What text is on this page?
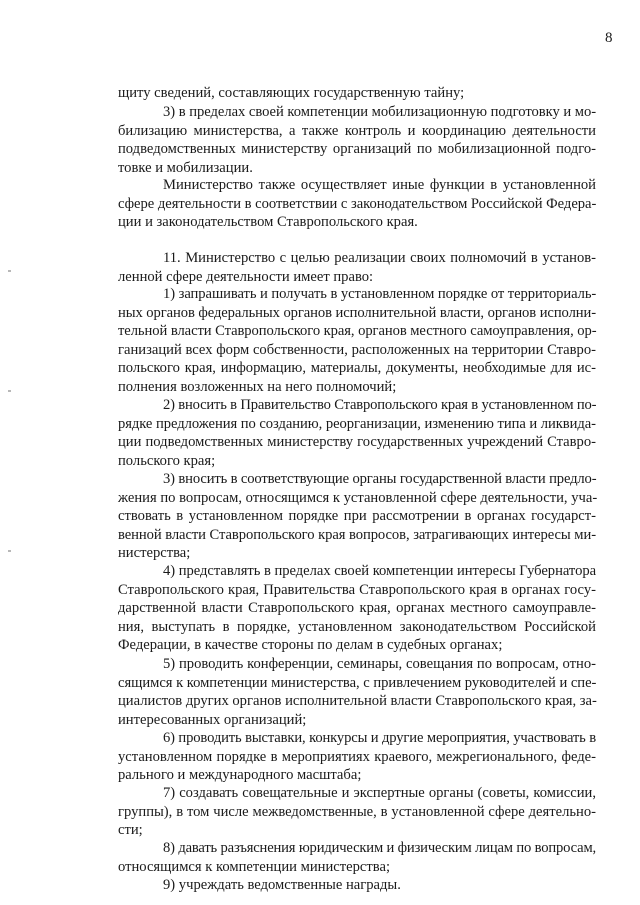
8
щиту сведений, составляющих государственную тайну;
3) в пределах своей компетенции мобилизационную подготовку и мо-
билизацию министерства, а также контроль и координацию деятельности
подведомственных министерству организаций по мобилизационной подго-
товке и мобилизации.
Министерство также осуществляет иные функции в установленной
сфере деятельности в соответствии с законодательством Российской Федера-
ции и законодательством Ставропольского края.
11. Министерство с целью реализации своих полномочий в установ-
ленной сфере деятельности имеет право:
1) запрашивать и получать в установленном порядке от территориаль-
ных органов федеральных органов исполнительной власти, органов исполни-
тельной власти Ставропольского края, органов местного самоуправления, ор-
ганизаций всех форм собственности, расположенных на территории Ставро-
польского края, информацию, материалы, документы, необходимые для ис-
полнения возложенных на него полномочий;
2) вносить в Правительство Ставропольского края в установленном по-
рядке предложения по созданию, реорганизации, изменению типа и ликвида-
ции подведомственных министерству государственных учреждений Ставро-
польского края;
3) вносить в соответствующие органы государственной власти предло-
жения по вопросам, относящимся к установленной сфере деятельности, уча-
ствовать в установленном порядке при рассмотрении в органах государст-
венной власти Ставропольского края вопросов, затрагивающих интересы ми-
нистерства;
4) представлять в пределах своей компетенции интересы Губернатора
Ставропольского края, Правительства Ставропольского края в органах госу-
дарственной власти Ставропольского края, органах местного самоуправле-
ния, выступать в порядке, установленном законодательством Российской
Федерации, в качестве стороны по делам в судебных органах;
5) проводить конференции, семинары, совещания по вопросам, отно-
сящимся к компетенции министерства, с привлечением руководителей и спе-
циалистов других органов исполнительной власти Ставропольского края, за-
интересованных организаций;
6) проводить выставки, конкурсы и другие мероприятия, участвовать в
установленном порядке в мероприятиях краевого, межрегионального, феде-
рального и международного масштаба;
7) создавать совещательные и экспертные органы (советы, комиссии,
группы), в том числе межведомственные, в установленной сфере деятельно-
сти;
8) давать разъяснения юридическим и физическим лицам по вопросам,
относящимся к компетенции министерства;
9) учреждать ведомственные награды.
